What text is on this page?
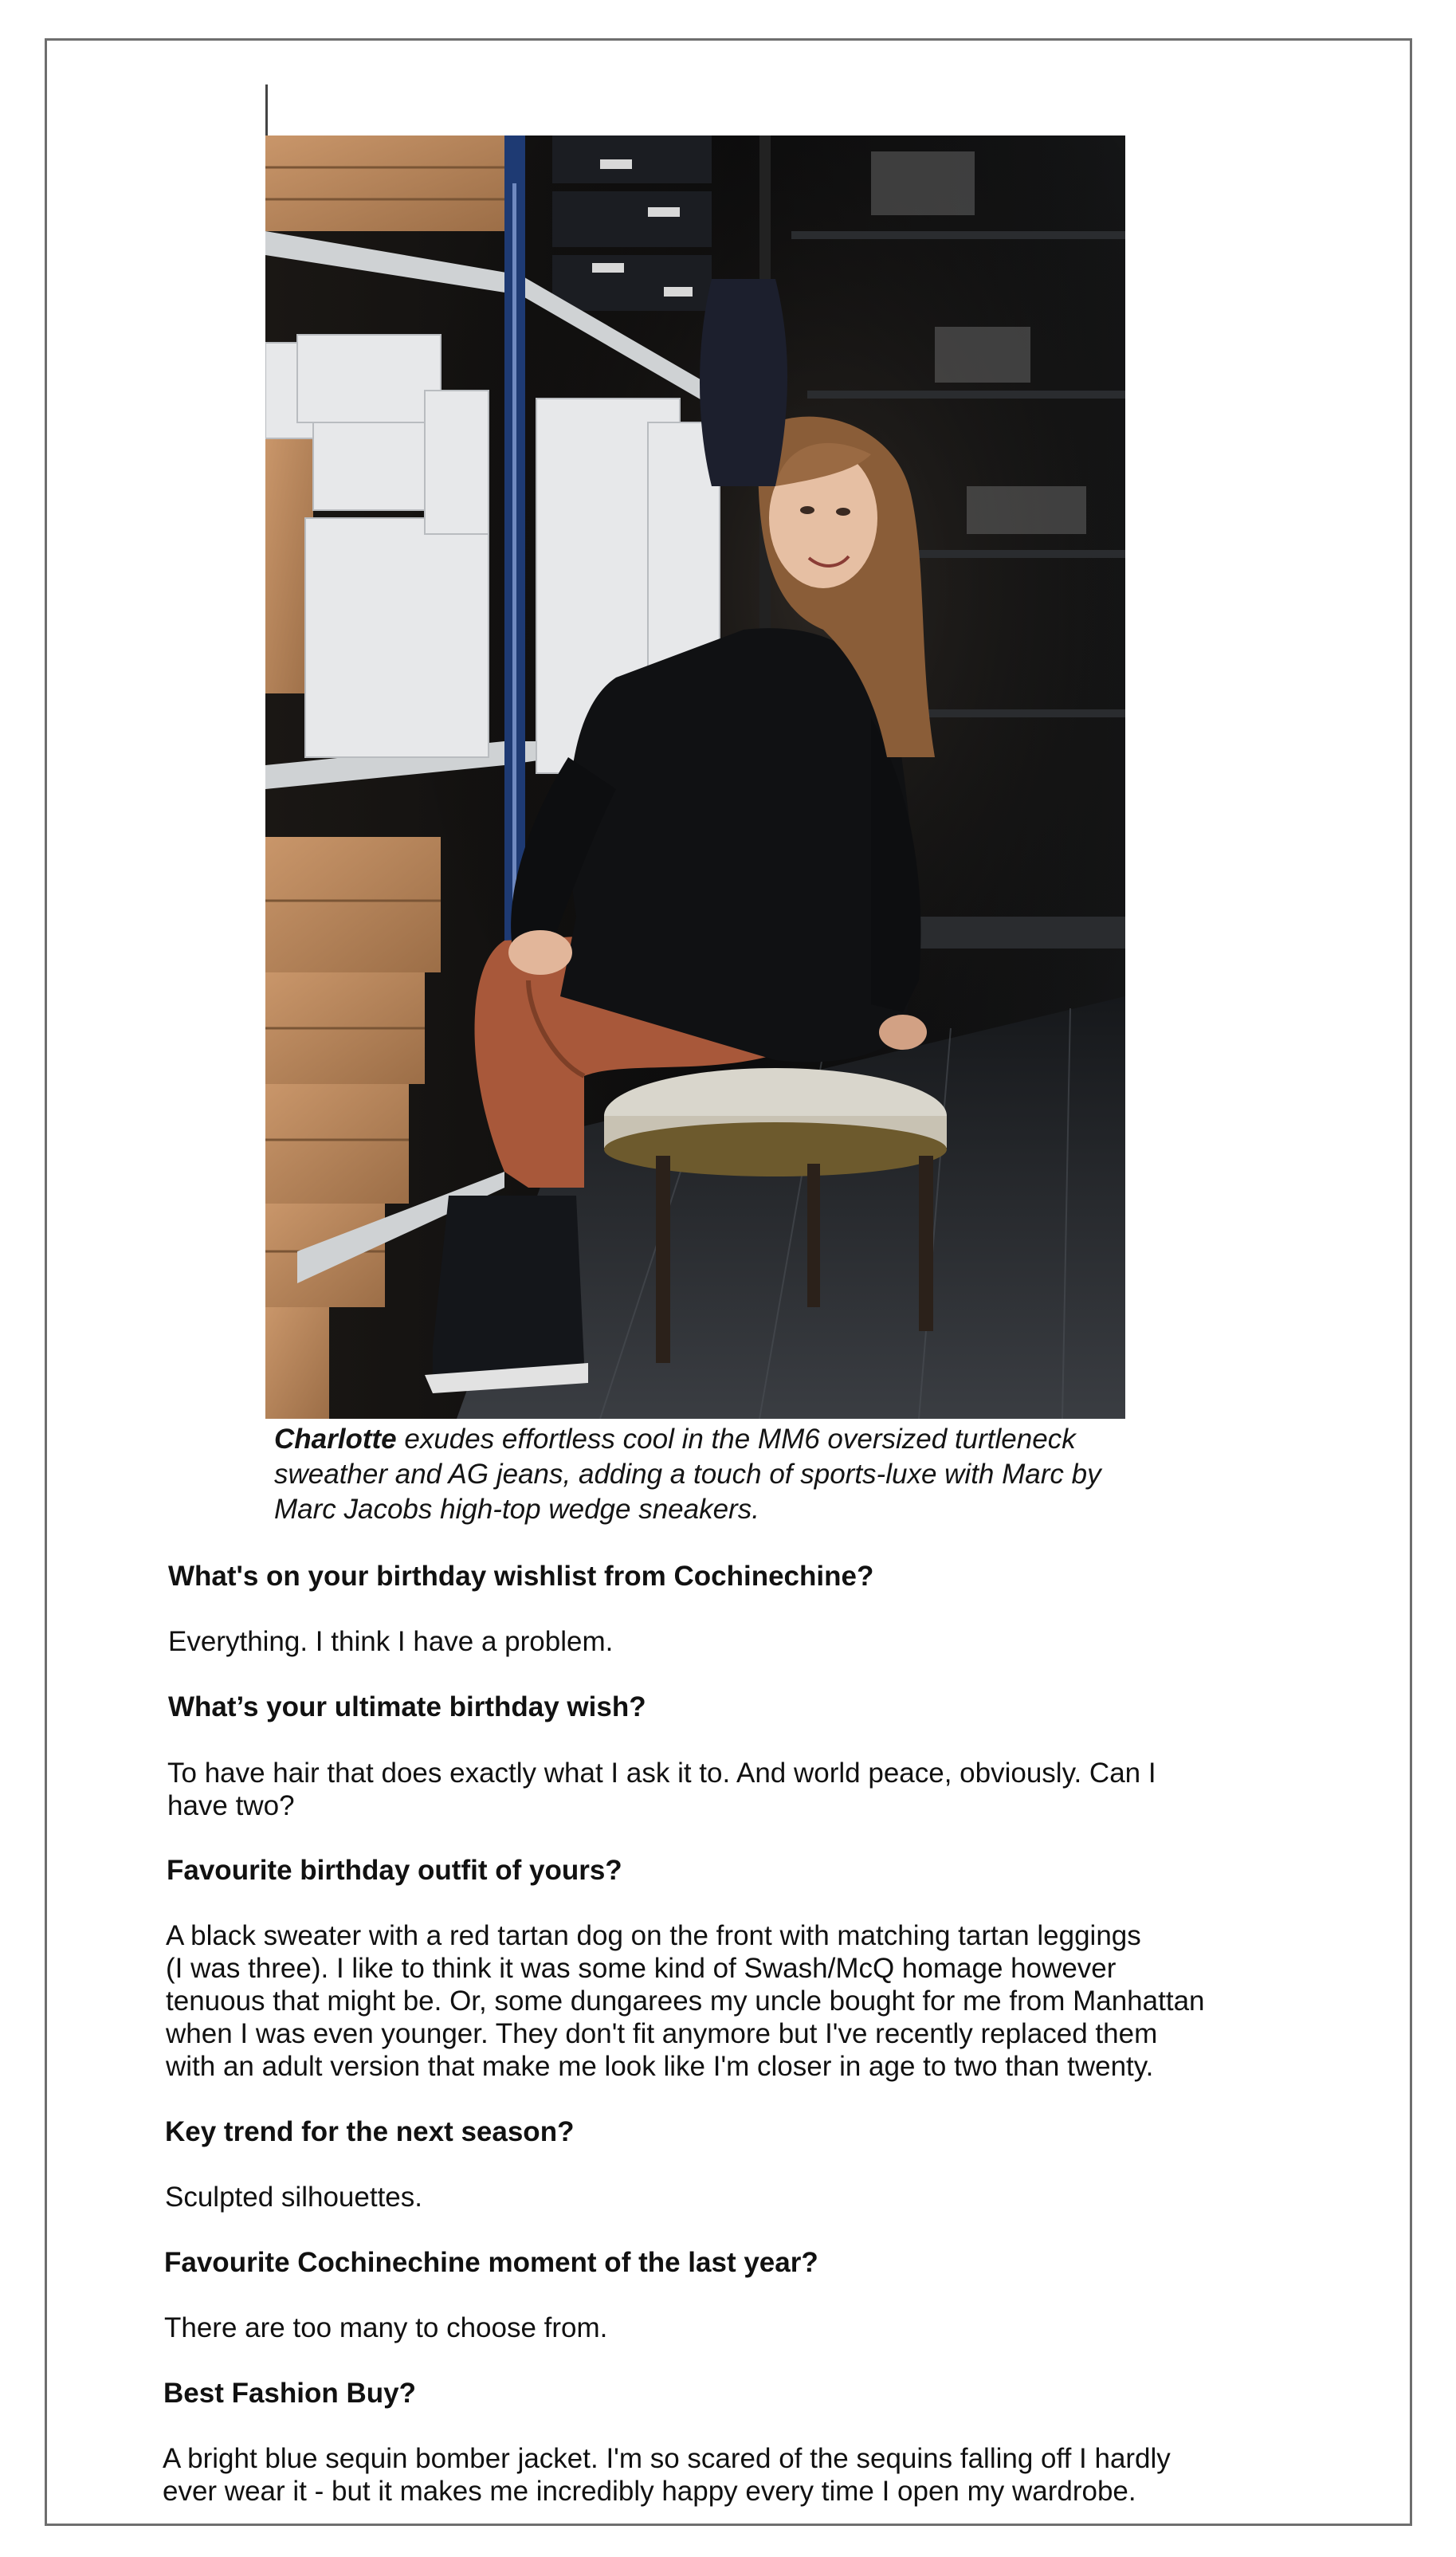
Charlotte exudes effortless cool in the MM6 oversized turtleneck
sweather and AG jeans, adding a touch of sports-luxe with Marc by
Marc Jacobs high-top wedge sneakers.
What's on your birthday wishlist from Cochinechine?
Everything. I think I have a problem.
What’s your ultimate birthday wish?
To have hair that does exactly what I ask it to. And world peace, obviously. Can I
have two?
Favourite birthday outfit of yours?
A black sweater with a red tartan dog on the front with matching tartan leggings
(I was three). I like to think it was some kind of Swash/McQ homage however
tenuous that might be. Or, some dungarees my uncle bought for me from Manhattan
when I was even younger. They don't fit anymore but I've recently replaced them
with an adult version that make me look like I'm closer in age to two than twenty.
Key trend for the next season?
Sculpted silhouettes.
Favourite Cochinechine moment of the last year?
There are too many to choose from.
Best Fashion Buy?
A bright blue sequin bomber jacket. I'm so scared of the sequins falling off I hardly
ever wear it - but it makes me incredibly happy every time I open my wardrobe.
